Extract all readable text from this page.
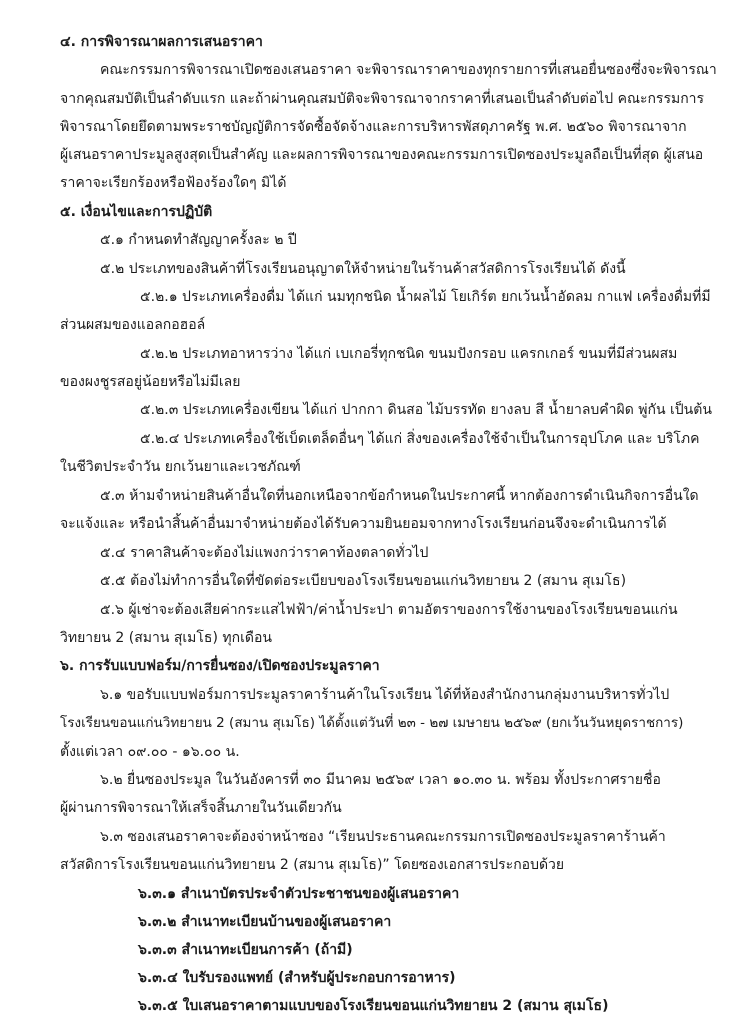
๔. การพิจารณาผลการเสนอราคา
คณะกรรมการพิจารณาเปิดซองเสนอราคา จะพิจารณาราคาของทุกรายการที่เสนอยื่นซองซึ่งจะพิจารณา
จากคุณสมบัติเป็นลำดับแรก และถ้าผ่านคุณสมบัติจะพิจารณาจากราคาที่เสนอเป็นลำดับต่อไป คณะกรรมการ
พิจารณาโดยยึดตามพระราชบัญญัติการจัดซื้อจัดจ้างและการบริหารพัสดุภาครัฐ พ.ศ. ๒๕๖๐ พิจารณาจาก
ผู้เสนอราคาประมูลสูงสุดเป็นสำคัญ และผลการพิจารณาของคณะกรรมการเปิดซองประมูลถือเป็นที่สุด ผู้เสนอ
ราคาจะเรียกร้องหรือฟ้องร้องใดๆ มิได้
๕. เงื่อนไขและการปฏิบัติ
๕.๑ กำหนดทำสัญญาครั้งละ ๒ ปี
๕.๒ ประเภทของสินค้าที่โรงเรียนอนุญาตให้จำหน่ายในร้านค้าสวัสดิการโรงเรียนได้ ดังนี้
๕.๒.๑ ประเภทเครื่องดื่ม ได้แก่ นมทุกชนิด น้ำผลไม้ โยเกิร์ต ยกเว้นน้ำอัดลม กาแฟ เครื่องดื่มที่มี
ส่วนผสมของแอลกอฮอล์
๕.๒.๒ ประเภทอาหารว่าง ได้แก่ เบเกอรี่ทุกชนิด ขนมปังกรอบ แครกเกอร์ ขนมที่มีส่วนผสม
ของผงชูรสอยู่น้อยหรือไม่มีเลย
๕.๒.๓ ประเภทเครื่องเขียน ได้แก่ ปากกา ดินสอ ไม้บรรทัด ยางลบ สี น้ำยาลบคำผิด พู่กัน เป็นต้น
๕.๒.๔ ประเภทเครื่องใช้เบ็ดเตล็ดอื่นๆ ได้แก่ สิ่งของเครื่องใช้จำเป็นในการอุปโภค และ บริโภค
ในชีวิตประจำวัน ยกเว้นยาและเวชภัณฑ์
๕.๓ ห้ามจำหน่ายสินค้าอื่นใดที่นอกเหนือจากข้อกำหนดในประกาศนี้ หากต้องการดำเนินกิจการอื่นใด
จะแจ้งและ หรือนำสิ้นค้าอื่นมาจำหน่ายต้องได้รับความยินยอมจากทางโรงเรียนก่อนจึงจะดำเนินการได้
๕.๔ ราคาสินค้าจะต้องไม่แพงกว่าราคาท้องตลาดทั่วไป
๕.๕ ต้องไม่ทำการอื่นใดที่ขัดต่อระเบียบของโรงเรียนขอนแก่นวิทยายน 2 (สมาน สุเมโธ)
๕.๖ ผู้เช่าจะต้องเสียค่ากระแสไฟฟ้า/ค่าน้ำประปา ตามอัตราของการใช้งานของโรงเรียนขอนแก่น
วิทยายน 2 (สมาน สุเมโธ) ทุกเดือน
๖. การรับแบบฟอร์ม/การยื่นซอง/เปิดซองประมูลราคา
๖.๑ ขอรับแบบฟอร์มการประมูลราคาร้านค้าในโรงเรียน ได้ที่ห้องสำนักงานกลุ่มงานบริหารทั่วไป
โรงเรียนขอนแก่นวิทยายน 2 (สมาน สุเมโธ) ได้ตั้งแต่วันที่ ๒๓ - ๒๗ เมษายน ๒๕๖๙ (ยกเว้นวันหยุดราชการ)
ตั้งแต่เวลา ๐๙.๐๐ - ๑๖.๐๐ น.
๖.๒ ยื่นซองประมูล ในวันอังคารที่ ๓๐ มีนาคม ๒๕๖๙ เวลา ๑๐.๓๐ น. พร้อม ทั้งประกาศรายชื่อ
ผู้ผ่านการพิจารณาให้เสร็จสิ้นภายในวันเดียวกัน
๖.๓ ซองเสนอราคาจะต้องจ่าหน้าซอง “เรียนประธานคณะกรรมการเปิดซองประมูลราคาร้านค้า
สวัสดิการโรงเรียนขอนแก่นวิทยายน 2 (สมาน สุเมโธ)” โดยซองเอกสารประกอบด้วย
๖.๓.๑ สำเนาบัตรประจำตัวประชาชนของผู้เสนอราคา
๖.๓.๒ สำเนาทะเบียนบ้านของผู้เสนอราคา
๖.๓.๓ สำเนาทะเบียนการค้า (ถ้ามี)
๖.๓.๔ ใบรับรองแพทย์ (สำหรับผู้ประกอบการอาหาร)
๖.๓.๕ ใบเสนอราคาตามแบบของโรงเรียนขอนแก่นวิทยายน 2 (สมาน สุเมโธ)
